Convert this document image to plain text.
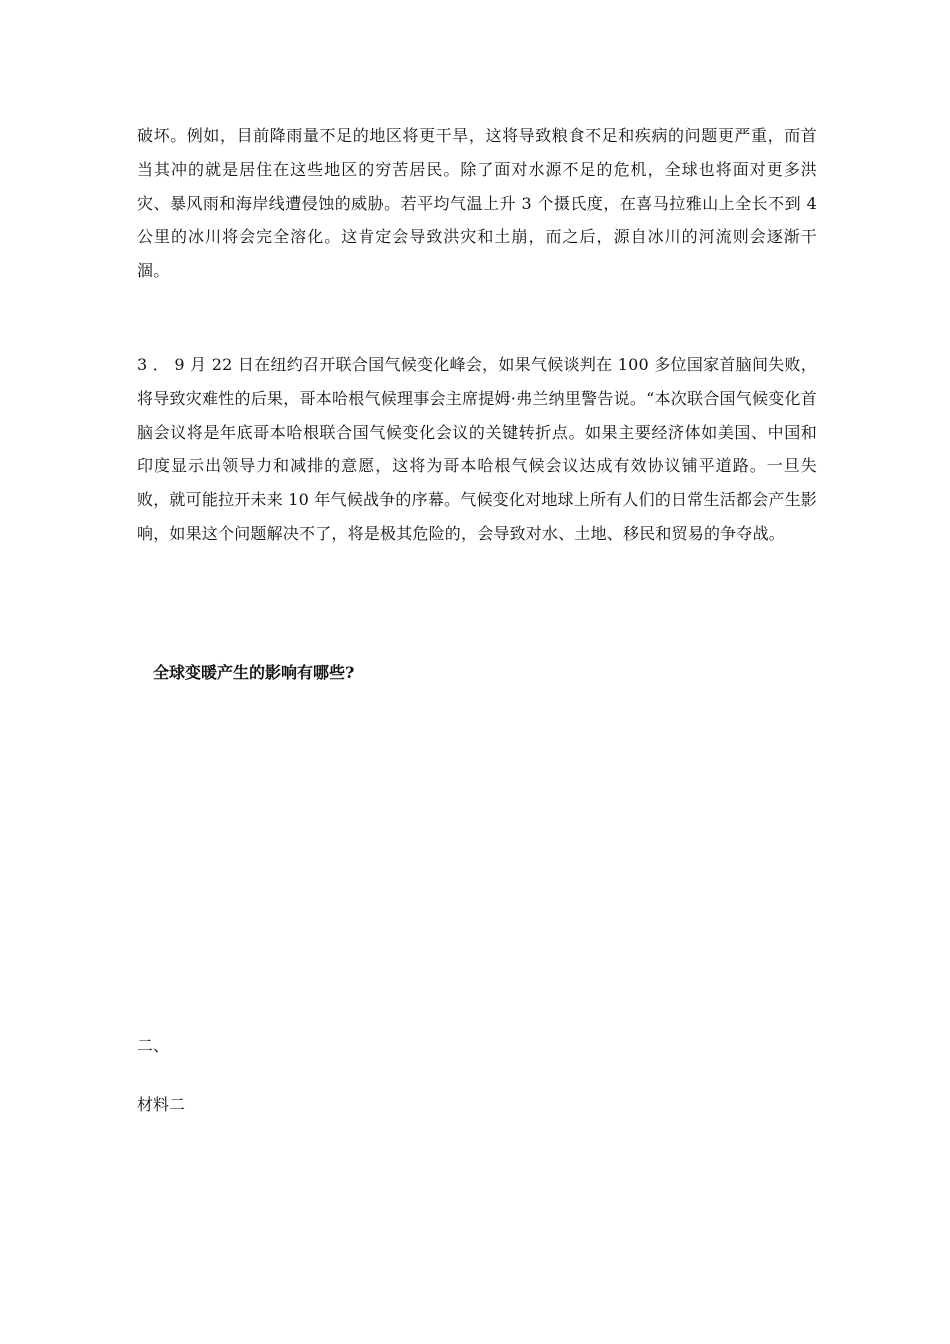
破坏。例如，目前降雨量不足的地区将更干旱，这将导致粮食不足和疾病的问题更严重，而首当其冲的就是居住在这些地区的穷苦居民。除了面对水源不足的危机，全球也将面对更多洪灾、暴风雨和海岸线遭侵蚀的威胁。若平均气温上升 3 个摄氏度，在喜马拉雅山上全长不到 4 公里的冰川将会完全溶化。这肯定会导致洪灾和土崩，而之后，源自冰川的河流则会逐渐干涸。

3 ． 9 月 22 日在纽约召开联合国气候变化峰会，如果气候谈判在 100 多位国家首脑间失败，将导致灾难性的后果，哥本哈根气候理事会主席提姆·弗兰纳里警告说。“本次联合国气候变化首脑会议将是年底哥本哈根联合国气候变化会议的关键转折点。如果主要经济体如美国、中国和印度显示出领导力和减排的意愿，这将为哥本哈根气候会议达成有效协议铺平道路。一旦失败，就可能拉开未来 10 年气候战争的序幕。气候变化对地球上所有人们的日常生活都会产生影响，如果这个问题解决不了，将是极其危险的，会导致对水、土地、移民和贸易的争夺战。

全球变暖产生的影响有哪些?
二、
材料二
